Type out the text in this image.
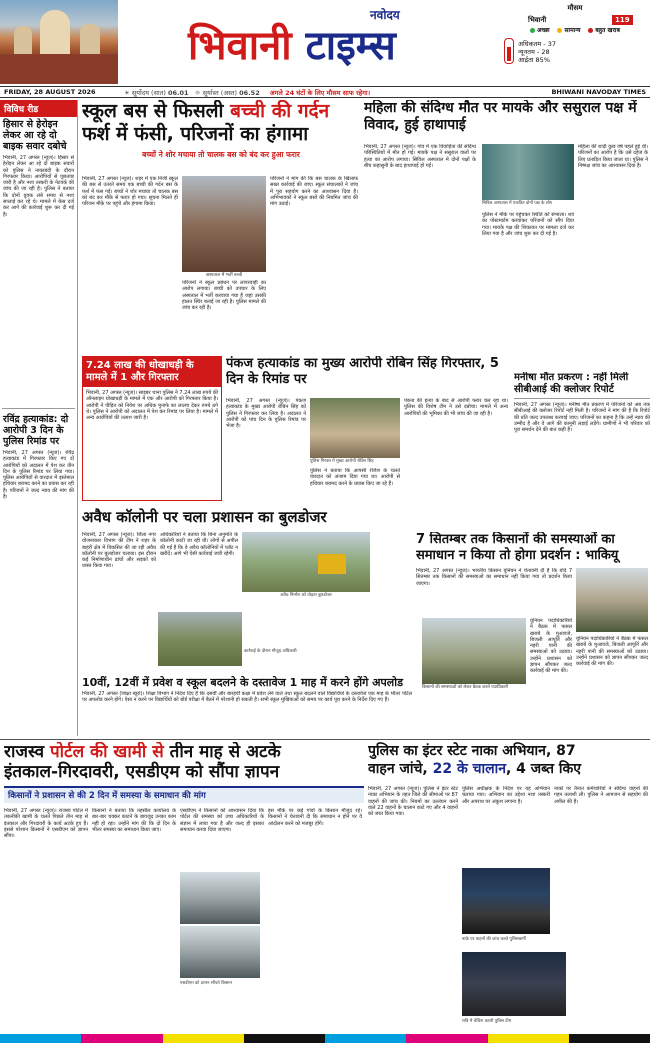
नवोदय
भिवानी टाइम्स
मौसम
भिवानी	119
अच्छा सामान्य बहुत खराब
अधिकतम - 37
न्यूनतम - 28
आर्द्रता 85%
FRIDAY, 28 AUGUST 2026	☀ सूर्योदय (सात) 06.01 ☼ सूर्यास्त (अस्त) 06.52 अगले 24 घंटों के लिए मौसम साफ रहेगा।	BHIWANI NAVODAY TIMES
विविध रीड
हिसार से हेरोइन लेकर आ रहे दो बाइक सवार दबोचे
भिवानी, 27 अगस्त (न्यूज)। हिसार से हेरोइन लेकर आ रहे दो बाइक सवारों को पुलिस ने नाकाबंदी के दौरान गिरफ्तार किया। आरोपियों से पूछताछ जारी है और नशा तस्करी के नेटवर्क की जांच की जा रही है। पुलिस ने बताया कि दोनों युवक लंबे समय से नशा सप्लाई कर रहे थे। मामले में केस दर्ज कर आगे की कार्रवाई शुरू कर दी गई है।
रविंद्र हत्याकांड: दो आरोपी 3 दिन के पुलिस रिमांड पर
भिवानी, 27 अगस्त (न्यूज)। रविंद्र हत्याकांड में गिरफ्तार किए गए दो आरोपियों को अदालत में पेश कर तीन दिन के पुलिस रिमांड पर लिया गया। पुलिस आरोपियों से वारदात में इस्तेमाल हथियार बरामद करने का प्रयास कर रही है। परिजनों ने जल्द न्याय की मांग की है।
स्कूल बस से फिसली बच्ची की गर्दन
फर्श में फंसी, परिजनों का हंगामा
बच्चों ने शोर मचाया तो चालक बस को बंद कर हुआ फरार
भिवानी, 27 अगस्त (न्यूज)। शहर में एक निजी स्कूल की बस से उतरते समय एक बच्ची की गर्दन बस के फर्श में फंस गई। बच्चों ने शोर मचाया तो चालक बस को बंद कर मौके से फरार हो गया। सूचना मिलते ही परिजन मौके पर पहुंचे और हंगामा किया।
अस्पताल में भर्ती बच्ची
परिजनों ने स्कूल प्रबंधन पर लापरवाही का आरोप लगाया। बच्ची को उपचार के लिए अस्पताल में भर्ती करवाया गया है जहां उसकी हालत स्थिर बताई जा रही है। पुलिस मामले की जांच कर रही है।
परिजनों ने मांग की कि बस चालक के खिलाफ सख्त कार्रवाई की जाए। स्कूल संचालकों ने जांच में पूरा सहयोग करने का आश्वासन दिया है। अभिभावकों ने स्कूल बसों की नियमित जांच की मांग उठाई।
महिला की संदिग्ध मौत पर मायके और ससुराल पक्ष में विवाद, हुई हाथापाई
भिवानी, 27 अगस्त (न्यूज)। गांव में एक विवाहिता की संदिग्ध परिस्थितियों में मौत हो गई। मायके पक्ष ने ससुराल वालों पर हत्या का आरोप लगाया। सिविल अस्पताल में दोनों पक्षों के बीच कहासुनी के बाद हाथापाई हो गई।
सिविल अस्पताल में एकत्रित दोनों पक्ष के लोग
पुलिस ने मौके पर पहुंचकर स्थिति को संभाला। शव का पोस्टमार्टम करवाकर परिजनों को सौंप दिया गया। मायके पक्ष की शिकायत पर मामला दर्ज कर लिया गया है और जांच शुरू कर दी गई है।
महिला की शादी कुछ वर्ष पहले हुई थी। परिजनों का आरोप है कि उसे दहेज के लिए प्रताड़ित किया जाता था। पुलिस ने निष्पक्ष जांच का आश्वासन दिया है।
7.24 लाख की धोखाधड़ी के मामले में 1 और गिरफ्तार
भिवानी, 27 अगस्त (न्यूज)। साइबर थाना पुलिस ने 7.24 लाख रुपये की ऑनलाइन धोखाधड़ी के मामले में एक और आरोपी को गिरफ्तार किया है। आरोपी ने पीड़ित को निवेश पर अधिक मुनाफे का लालच देकर रुपये ठगे थे। पुलिस ने आरोपी को अदालत में पेश कर रिमांड पर लिया है। मामले में अन्य आरोपियों की तलाश जारी है।
पंकज हत्याकांड का मुख्य आरोपी रोबिन सिंह गिरफ्तार, 5 दिन के रिमांड पर
भिवानी, 27 अगस्त (न्यूज)। पंकज हत्याकांड के मुख्य आरोपी रोबिन सिंह को पुलिस ने गिरफ्तार कर लिया है। अदालत ने आरोपी को पांच दिन के पुलिस रिमांड पर भेजा है।
पुलिस गिरफ्त में मुख्य आरोपी रोबिन सिंह
पुलिस ने बताया कि आपसी रंजिश के चलते वारदात को अंजाम दिया गया था। आरोपी से हथियार बरामद करने के प्रयास किए जा रहे हैं।
पंकज की हत्या के बाद से आरोपी फरार चल रहा था। पुलिस की विशेष टीम ने उसे दबोचा। मामले में अन्य आरोपियों की भूमिका की भी जांच की जा रही है।
मनीषा मौत प्रकरण : नहीं मिली सीबीआई की क्लोजर रिपोर्ट
भिवानी, 27 अगस्त (न्यूज)। मनीषा मौत प्रकरण में परिजनों को अब तक सीबीआई की क्लोजर रिपोर्ट नहीं मिली है। परिजनों ने मांग की है कि रिपोर्ट की प्रति जल्द उपलब्ध करवाई जाए। परिजनों का कहना है कि उन्हें न्याय की उम्मीद है और वे आगे की कानूनी लड़ाई लड़ेंगे। ग्रामीणों ने भी परिवार को पूरा समर्थन देने की बात कही है।
अवैध कॉलोनी पर चला प्रशासन का बुलडोजर
भिवानी, 27 अगस्त (न्यूज)। जिला नगर योजनाकार विभाग की टीम ने शहर के बाहरी क्षेत्र में विकसित की जा रही अवैध कॉलोनी पर बुलडोजर चलाया। इस दौरान कई निर्माणाधीन ढांचों और सड़कों को ध्वस्त किया गया।
अधिकारियों ने बताया कि बिना अनुमति के कॉलोनी काटी जा रही थी। लोगों से अपील की गई है कि वे अवैध कॉलोनियों में प्लॉट न खरीदें। आगे भी ऐसी कार्रवाई जारी रहेगी।
अवैध निर्माण को तोड़ता बुलडोजर
कार्रवाई के दौरान मौजूद अधिकारी
10वीं, 12वीं में प्रवेश व स्कूल बदलने के दस्तावेज 1 माह में करने होंगे अपलोड
भिवानी, 27 अगस्त (शिक्षा ब्यूरो)। शिक्षा विभाग ने निर्देश दिए हैं कि दसवीं और बारहवीं कक्षा में प्रवेश लेने वाले तथा स्कूल बदलने वाले विद्यार्थियों के दस्तावेज एक माह के भीतर पोर्टल पर अपलोड करने होंगे। ऐसा न करने पर विद्यार्थियों को बोर्ड परीक्षा में बैठने में परेशानी हो सकती है। सभी स्कूल मुखियाओं को समय पर कार्य पूरा करने के निर्देश दिए गए हैं।
7 सितम्बर तक किसानों की समस्याओं का समाधान न किया तो होगा प्रदर्शन : भाकियू
भिवानी, 27 अगस्त (न्यूज)। भारतीय किसान यूनियन ने चेतावनी दी है कि यदि 7 सितम्बर तक किसानों की समस्याओं का समाधान नहीं किया गया तो प्रदर्शन किया जाएगा।
किसानों की समस्याओं को लेकर बैठक करते पदाधिकारी
यूनियन पदाधिकारियों ने बैठक में फसल खराबे के मुआवजे, बिजली आपूर्ति और नहरी पानी की समस्याओं को उठाया। उन्होंने प्रशासन को ज्ञापन सौंपकर जल्द कार्रवाई की मांग की।
यूनियन पदाधिकारियों ने बैठक में फसल खराबे के मुआवजे, बिजली आपूर्ति और नहरी पानी की समस्याओं को उठाया। उन्होंने प्रशासन को ज्ञापन सौंपकर जल्द कार्रवाई की मांग की।
राजस्व पोर्टल की खामी से तीन माह से अटके
इंतकाल-गिरदावरी, एसडीएम को सौंपा ज्ञापन
किसानों ने प्रशासन से की 2 दिन में समस्या के समाधान की मांग
भिवानी, 27 अगस्त (न्यूज)। राजस्व पोर्टल में तकनीकी खामी के चलते पिछले तीन माह से इंतकाल और गिरदावरी के कार्य अटके हुए हैं। इससे परेशान किसानों ने एसडीएम को ज्ञापन सौंपा।
किसानों ने बताया कि तहसील कार्यालय के बार-बार चक्कर काटने के बावजूद उनका काम नहीं हो रहा। उन्होंने मांग की कि दो दिन के भीतर समस्या का समाधान किया जाए।
एसडीएम को ज्ञापन सौंपते किसान
एसडीएम ने किसानों को आश्वासन दिया कि पोर्टल की समस्या को उच्च अधिकारियों के संज्ञान में लाया गया है और जल्द ही इसका समाधान करवा दिया जाएगा।
इस मौके पर कई गांवों के किसान मौजूद रहे। किसानों ने चेतावनी दी कि समाधान न होने पर वे आंदोलन करने को मजबूर होंगे।
पुलिस का इंटर स्टेट नाका अभियान, 87
वाहन जांचे, 22 के चालान, 4 जब्त किए
भिवानी, 27 अगस्त (न्यूज)। पुलिस ने इंटर स्टेट नाका अभियान के तहत जिले की सीमाओं पर 87 वाहनों की जांच की। नियमों का उल्लंघन करने वाले 22 वाहनों के चालान काटे गए और 4 वाहनों को जब्त किया गया।
पुलिस अधीक्षक के निर्देश पर यह अभियान चलाया गया। अभियान का उद्देश्य नशा तस्करी और अपराध पर अंकुश लगाना है।
नाके पर वाहनों की जांच करते पुलिसकर्मी
रात्रि में चेकिंग करती पुलिस टीम
नाकों पर तैनात कर्मचारियों ने संदिग्ध वाहनों की गहन तलाशी ली। पुलिस ने आमजन से सहयोग की अपील की है।
